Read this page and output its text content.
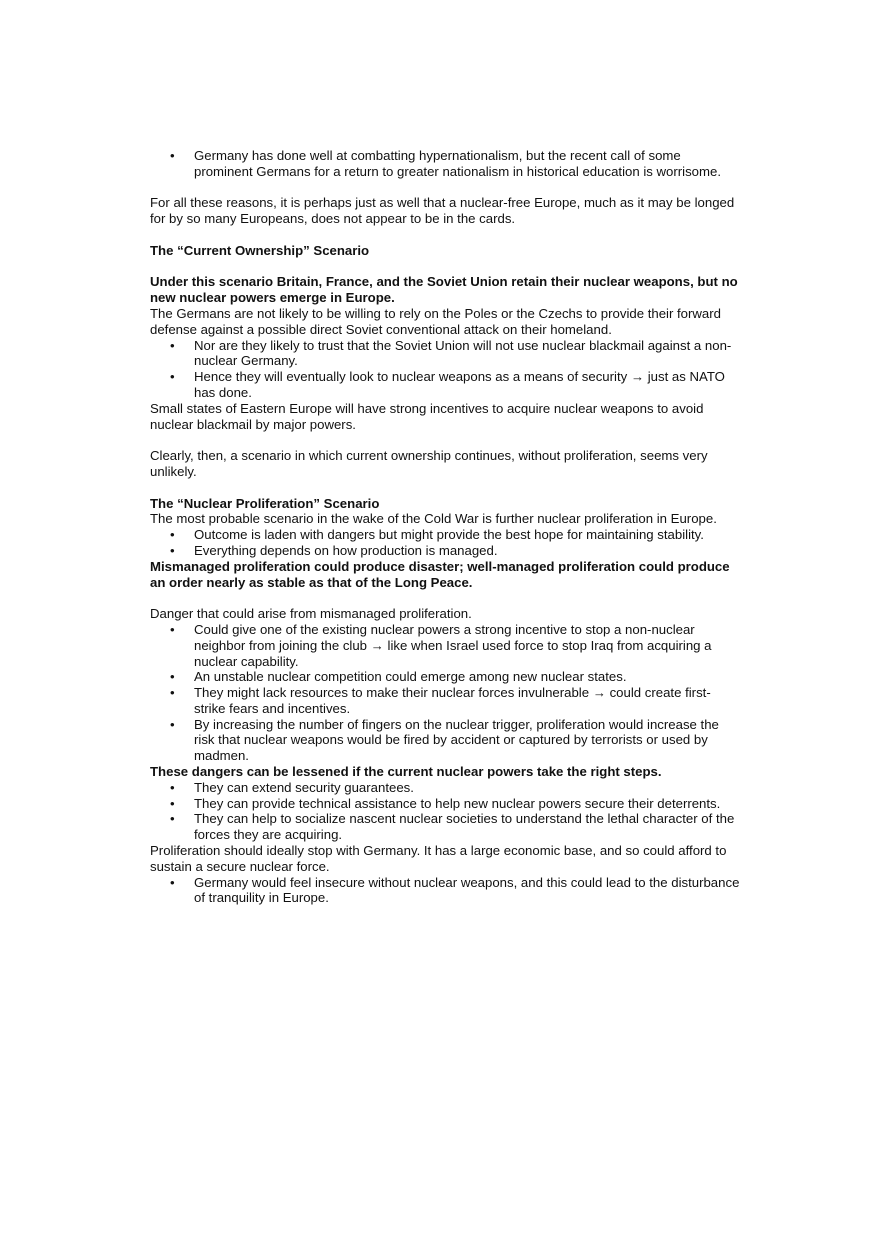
• Germany has done well at combatting hypernationalism, but the recent call of some prominent Germans for a return to greater nationalism in historical education is worrisome.

For all these reasons, it is perhaps just as well that a nuclear-free Europe, much as it may be longed for by so many Europeans, does not appear to be in the cards.

The “Current Ownership” Scenario

Under this scenario Britain, France, and the Soviet Union retain their nuclear weapons, but no new nuclear powers emerge in Europe.

The Germans are not likely to be willing to rely on the Poles or the Czechs to provide their forward defense against a possible direct Soviet conventional attack on their homeland.

• Nor are they likely to trust that the Soviet Union will not use nuclear blackmail against a non-nuclear Germany.
• Hence they will eventually look to nuclear weapons as a means of security → just as NATO has done.

Small states of Eastern Europe will have strong incentives to acquire nuclear weapons to avoid nuclear blackmail by major powers.

Clearly, then, a scenario in which current ownership continues, without proliferation, seems very unlikely.

The “Nuclear Proliferation” Scenario

The most probable scenario in the wake of the Cold War is further nuclear proliferation in Europe.

• Outcome is laden with dangers but might provide the best hope for maintaining stability.
• Everything depends on how production is managed.

Mismanaged proliferation could produce disaster; well-managed proliferation could produce an order nearly as stable as that of the Long Peace.

Danger that could arise from mismanaged proliferation.

• Could give one of the existing nuclear powers a strong incentive to stop a non-nuclear neighbor from joining the club → like when Israel used force to stop Iraq from acquiring a nuclear capability.
• An unstable nuclear competition could emerge among new nuclear states.
• They might lack resources to make their nuclear forces invulnerable → could create first-strike fears and incentives.
• By increasing the number of fingers on the nuclear trigger, proliferation would increase the risk that nuclear weapons would be fired by accident or captured by terrorists or used by madmen.

These dangers can be lessened if the current nuclear powers take the right steps.

• They can extend security guarantees.
• They can provide technical assistance to help new nuclear powers secure their deterrents.
• They can help to socialize nascent nuclear societies to understand the lethal character of the forces they are acquiring.

Proliferation should ideally stop with Germany. It has a large economic base, and so could afford to sustain a secure nuclear force.

• Germany would feel insecure without nuclear weapons, and this could lead to the disturbance of tranquility in Europe.
